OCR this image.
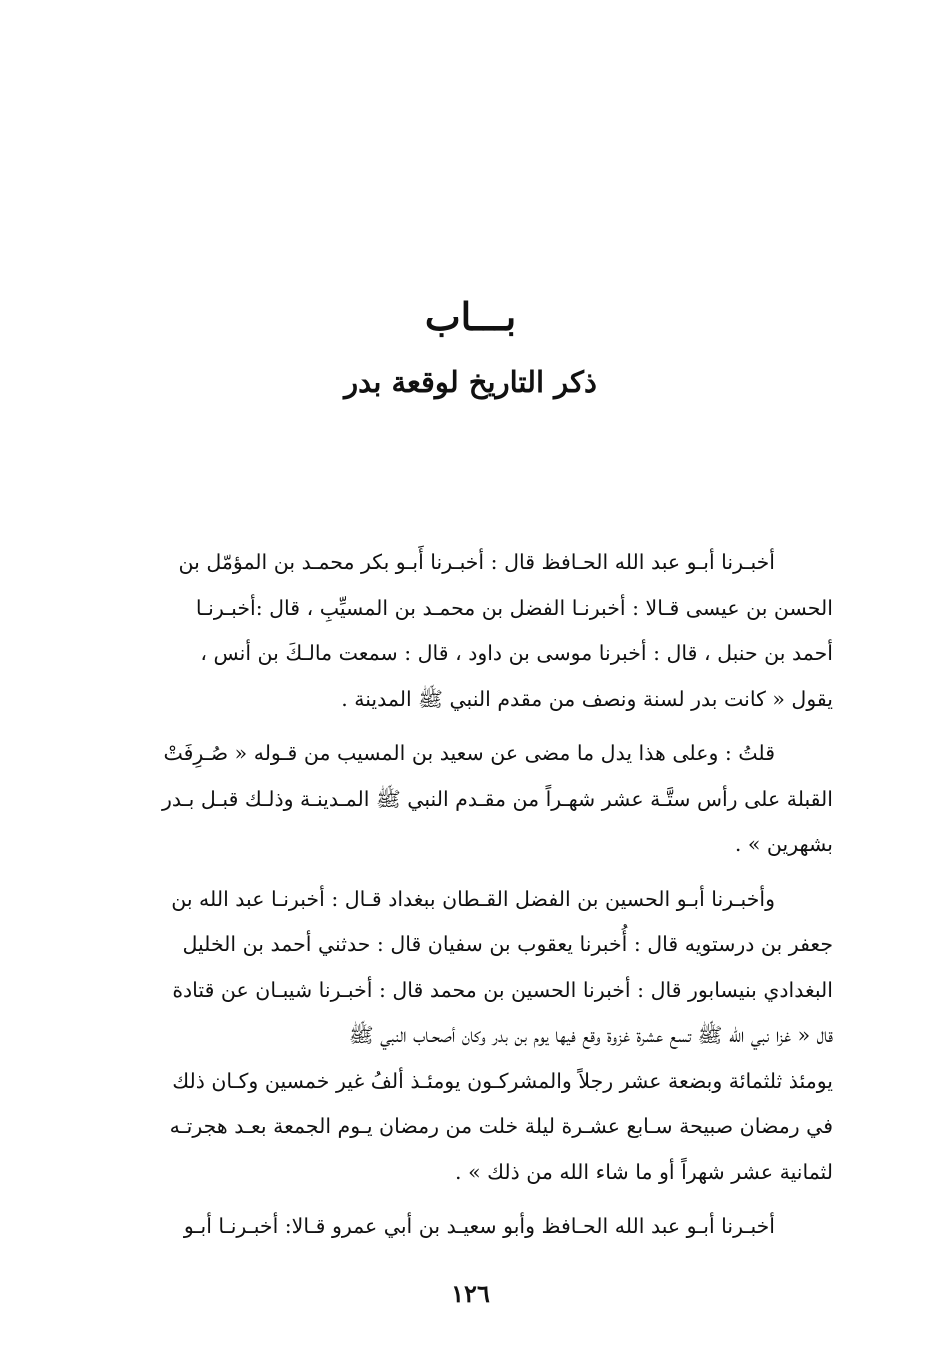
بـــاب
ذكر التاريخ لوقعة بدر

أخبـرنا أبـو عبد الله الحـافظ قال : أخبـرنا أَبـو بكر محمـد بن المؤمّل بن
الحسن بن عيسى قـالا : أخبرنـا الفضل بن محمـد بن المسيِّبِ ، قال :أخبـرنـا
أحمد بن حنبل ، قال : أخبرنا موسى بن داود ، قال : سمعت مالـكَ بن أنس ،
يقول « كانت بدر لسنة ونصف من مقدم النبي ﷺ المدينة .

قلتُ : وعلى هذا يدل ما مضى عن سعيد بن المسيب من قـوله « صُـرِفَتْ
القبلة على رأس ستَّـة عشر شهـراً من مقـدم النبي ﷺ المـدينـة وذلـك قبـل بـدر
بشهرين » .

وأخبـرنا أبـو الحسين بن الفضل القـطان ببغداد قـال : أخبرنـا عبد الله بن
جعفر بن درستويه قال : أُخبرنا يعقوب بن سفيان قال : حدثني أحمد بن الخليل
البغدادي بنيسابور قال : أخبرنا الحسين بن محمد قال : أخبـرنا شيبـان عن قتادة
قال « غزا نبي الله ﷺ تسع عشرة غزوة وقع فيها يوم بن بدر وكان أصحـاب النبي ﷺ
يومئذ ثلثمائة وبضعة عشر رجلاً والمشركـون يومئـذ ألفُ غير خمسين وكـان ذلك
في رمضان صبيحة سـابع عشـرة ليلة خلت من رمضان يـوم الجمعة بعـد هجرتـه
لثمانية عشر شهراً أو ما شاء الله من ذلك » .

أخبـرنا أبـو عبد الله الحـافظ وأبو سعيـد بن أبي عمرو قـالا: أخبـرنـا أبـو

١٢٦
